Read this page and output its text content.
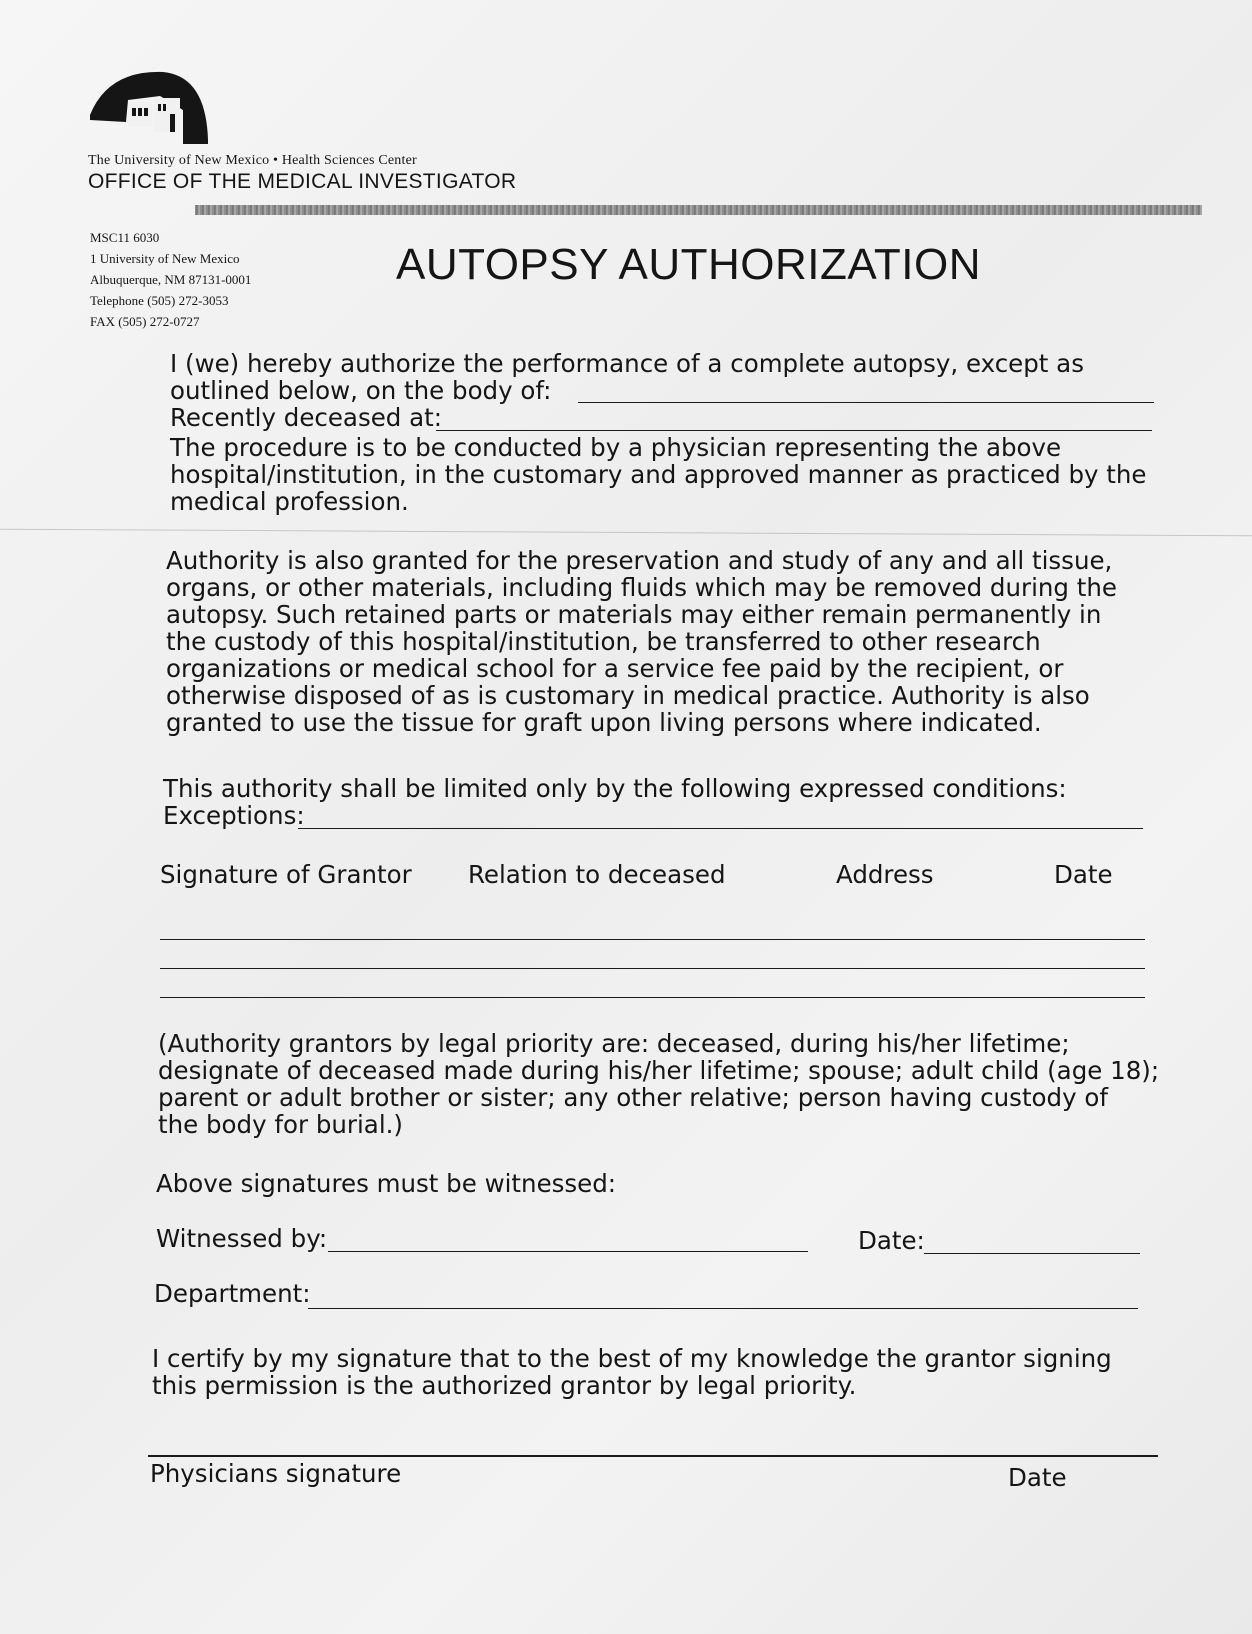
The University of New Mexico • Health Sciences Center
OFFICE OF THE MEDICAL INVESTIGATOR
MSC11 6030
1 University of New Mexico
Albuquerque, NM 87131-0001
Telephone (505) 272-3053
FAX (505) 272-0727
AUTOPSY AUTHORIZATION
I (we) hereby authorize the performance of a complete autopsy, except as
outlined below, on the body of:
Recently deceased at:
The procedure is to be conducted by a physician representing the above
hospital/institution, in the customary and approved manner as practiced by the
medical profession.
Authority is also granted for the preservation and study of any and all tissue,
organs, or other materials, including fluids which may be removed during the
autopsy. Such retained parts or materials may either remain permanently in
the custody of this hospital/institution, be transferred to other research
organizations or medical school for a service fee paid by the recipient, or
otherwise disposed of as is customary in medical practice. Authority is also
granted to use the tissue for graft upon living persons where indicated.
This authority shall be limited only by the following expressed conditions:
Exceptions:
Signature of Grantor Relation to deceased	Address	Date
(Authority grantors by legal priority are: deceased, during his/her lifetime;
designate of deceased made during his/her lifetime; spouse; adult child (age 18);
parent or adult brother or sister; any other relative; person having custody of
the body for burial.)
Above signatures must be witnessed:
Witnessed by:	Date:
Department:
I certify by my signature that to the best of my knowledge the grantor signing
this permission is the authorized grantor by legal priority.
Physicians signature	Date
